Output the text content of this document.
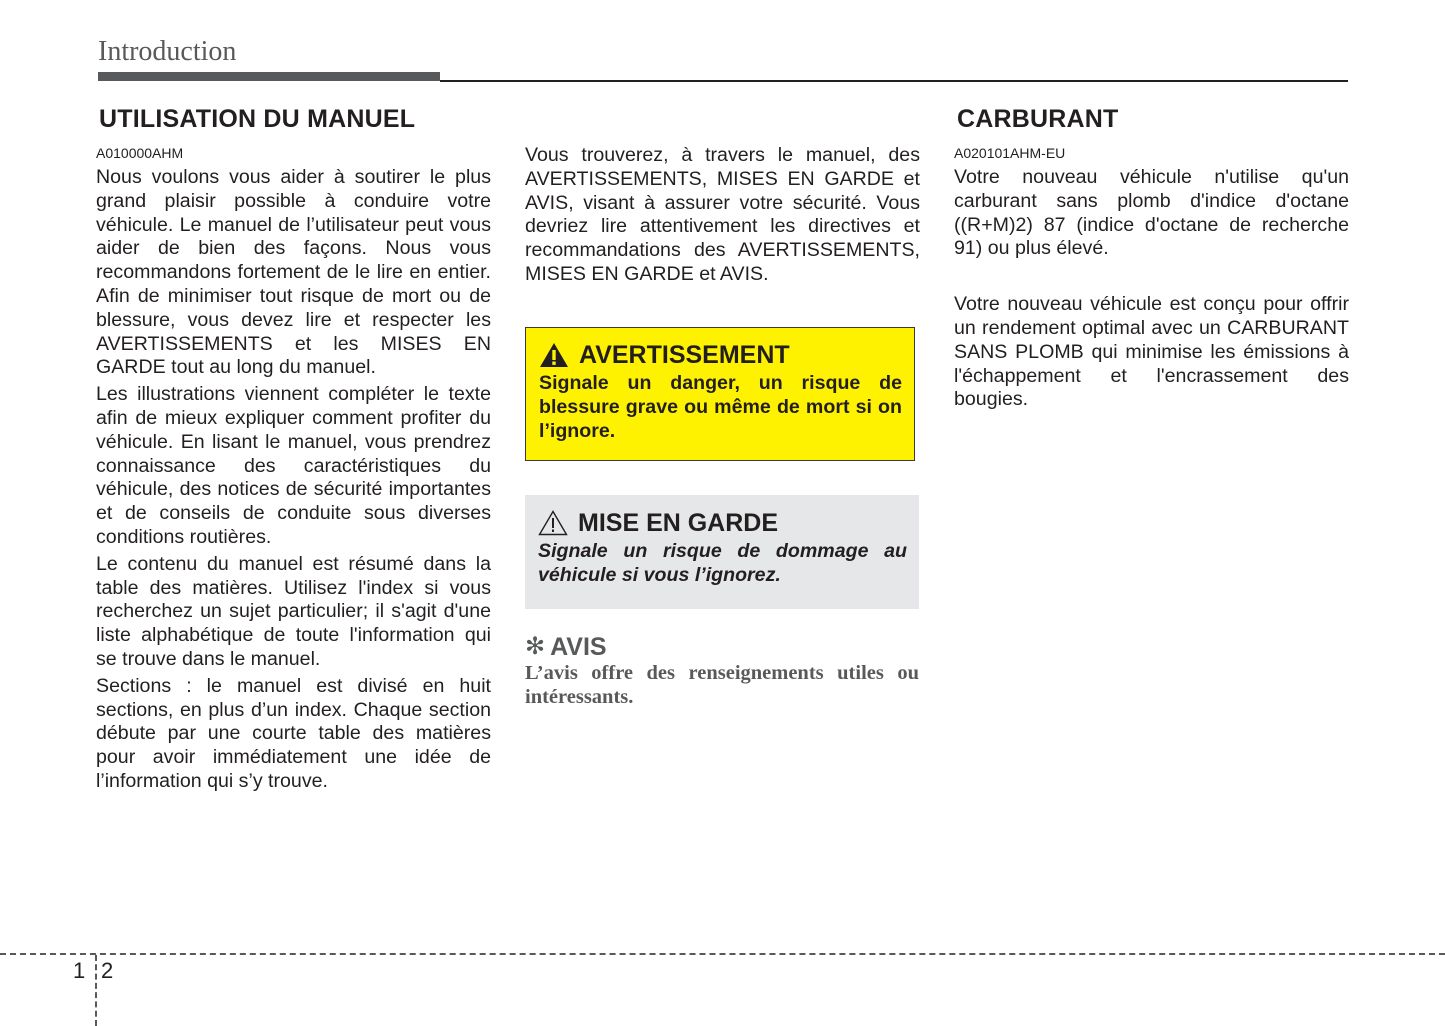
Introduction
UTILISATION DU MANUEL
A010000AHM

Nous voulons vous aider à soutirer le plus grand plaisir possible à conduire votre véhicule. Le manuel de l’utilisateur peut vous aider de bien des façons. Nous vous recommandons fortement de le lire en entier. Afin de minimiser tout risque de mort ou de blessure, vous devez lire et respecter les AVERTISSEMENTS et les MISES EN GARDE tout au long du manuel.

Les illustrations viennent compléter le texte afin de mieux expliquer comment profiter du véhicule. En lisant le manuel, vous prendrez connaissance des caractéristiques du véhicule, des notices de sécurité importantes et de conseils de conduite sous diverses conditions routières.

Le contenu du manuel est résumé dans la table des matières. Utilisez l'index si vous recherchez un sujet particulier; il s'agit d'une liste alphabétique de toute l'information qui se trouve dans le manuel.

Sections : le manuel est divisé en huit sections, en plus d’un index. Chaque section débute par une courte table des matières pour avoir immédiatement une idée de l’information qui s’y trouve.

Vous trouverez, à travers le manuel, des AVERTISSEMENTS, MISES EN GARDE et AVIS, visant à assurer votre sécurité. Vous devriez lire attentivement les directives et recommandations des AVERTISSEMENTS, MISES EN GARDE et AVIS.

AVERTISSEMENT
Signale un danger, un risque de blessure grave ou même de mort si on l’ignore.
MISE EN GARDE
Signale un risque de dommage au véhicule si vous l’ignorez.
✻ AVIS
L’avis offre des renseignements utiles ou intéressants.
CARBURANT
A020101AHM-EU

Votre nouveau véhicule n'utilise qu'un carburant sans plomb d'indice d'octane ((R+M)2) 87 (indice d'octane de recherche 91) ou plus élevé.

Votre nouveau véhicule est conçu pour offrir un rendement optimal avec un CARBURANT SANS PLOMB qui minimise les émissions à l'échappement et l'encrassement des bougies.

1 2
